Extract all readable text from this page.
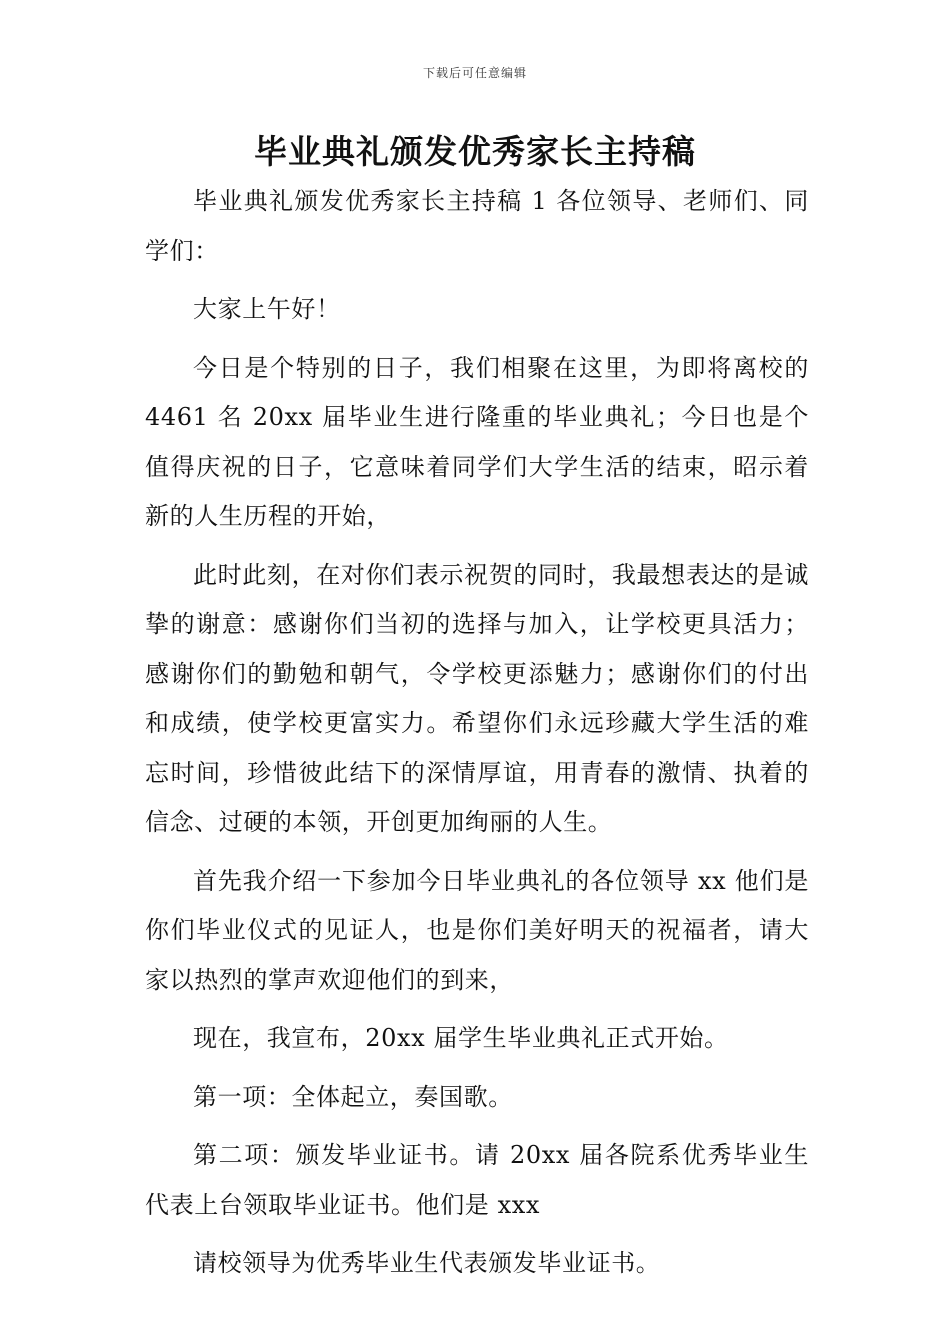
下载后可任意编辑
毕业典礼颁发优秀家长主持稿

毕业典礼颁发优秀家长主持稿 1 各位领导、老师们、同学们：

大家上午好！

今日是个特别的日子，我们相聚在这里，为即将离校的 4461 名 20xx 届毕业生进行隆重的毕业典礼；今日也是个值得庆祝的日子，它意味着同学们大学生活的结束，昭示着新的人生历程的开始，

此时此刻，在对你们表示祝贺的同时，我最想表达的是诚挚的谢意：感谢你们当初的选择与加入，让学校更具活力；感谢你们的勤勉和朝气，令学校更添魅力；感谢你们的付出和成绩，使学校更富实力。希望你们永远珍藏大学生活的难忘时间，珍惜彼此结下的深情厚谊，用青春的激情、执着的信念、过硬的本领，开创更加绚丽的人生。

首先我介绍一下参加今日毕业典礼的各位领导 xx 他们是你们毕业仪式的见证人，也是你们美好明天的祝福者，请大家以热烈的掌声欢迎他们的到来，

现在，我宣布，20xx 届学生毕业典礼正式开始。

第一项：全体起立，奏国歌。

第二项：颁发毕业证书。请 20xx 届各院系优秀毕业生代表上台领取毕业证书。他们是 xxx

请校领导为优秀毕业生代表颁发毕业证书。
